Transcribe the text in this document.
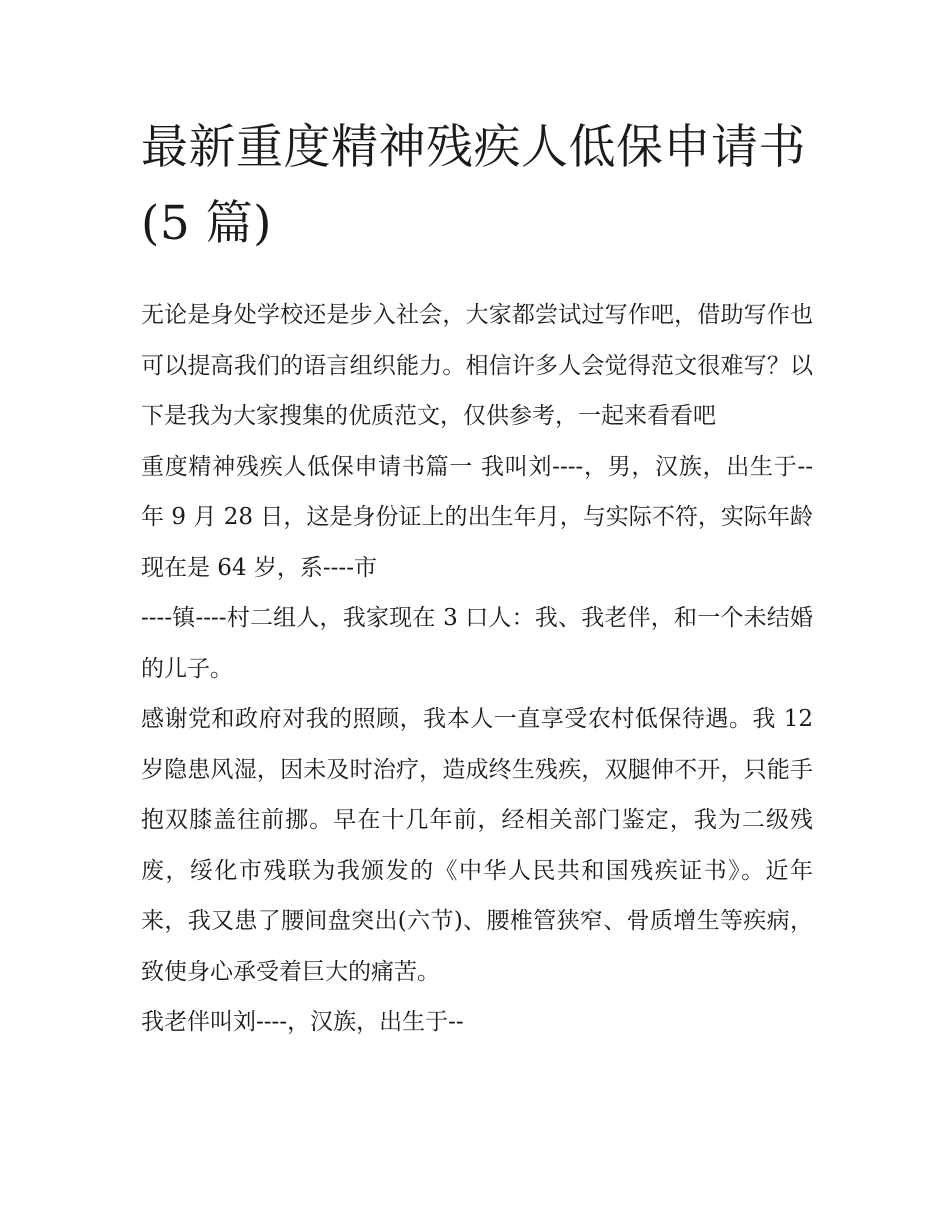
最新重度精神残疾人低保申请书(5 篇)

无论是身处学校还是步入社会，大家都尝试过写作吧，借助写作也可以提高我们的语言组织能力。相信许多人会觉得范文很难写？以下是我为大家搜集的优质范文，仅供参考，一起来看看吧

重度精神残疾人低保申请书篇一 我叫刘----，男，汉族，出生于--年 9 月 28 日，这是身份证上的出生年月，与实际不符，实际年龄现在是 64 岁，系----市

----镇----村二组人，我家现在 3 口人：我、我老伴，和一个未结婚的儿子。

感谢党和政府对我的照顾，我本人一直享受农村低保待遇。我 12 岁隐患风湿，因未及时治疗，造成终生残疾，双腿伸不开，只能手抱双膝盖往前挪。早在十几年前，经相关部门鉴定，我为二级残废，绥化市残联为我颁发的《中华人民共和国残疾证书》。近年来，我又患了腰间盘突出(六节)、腰椎管狭窄、骨质增生等疾病，致使身心承受着巨大的痛苦。

我老伴叫刘----，汉族，出生于--
